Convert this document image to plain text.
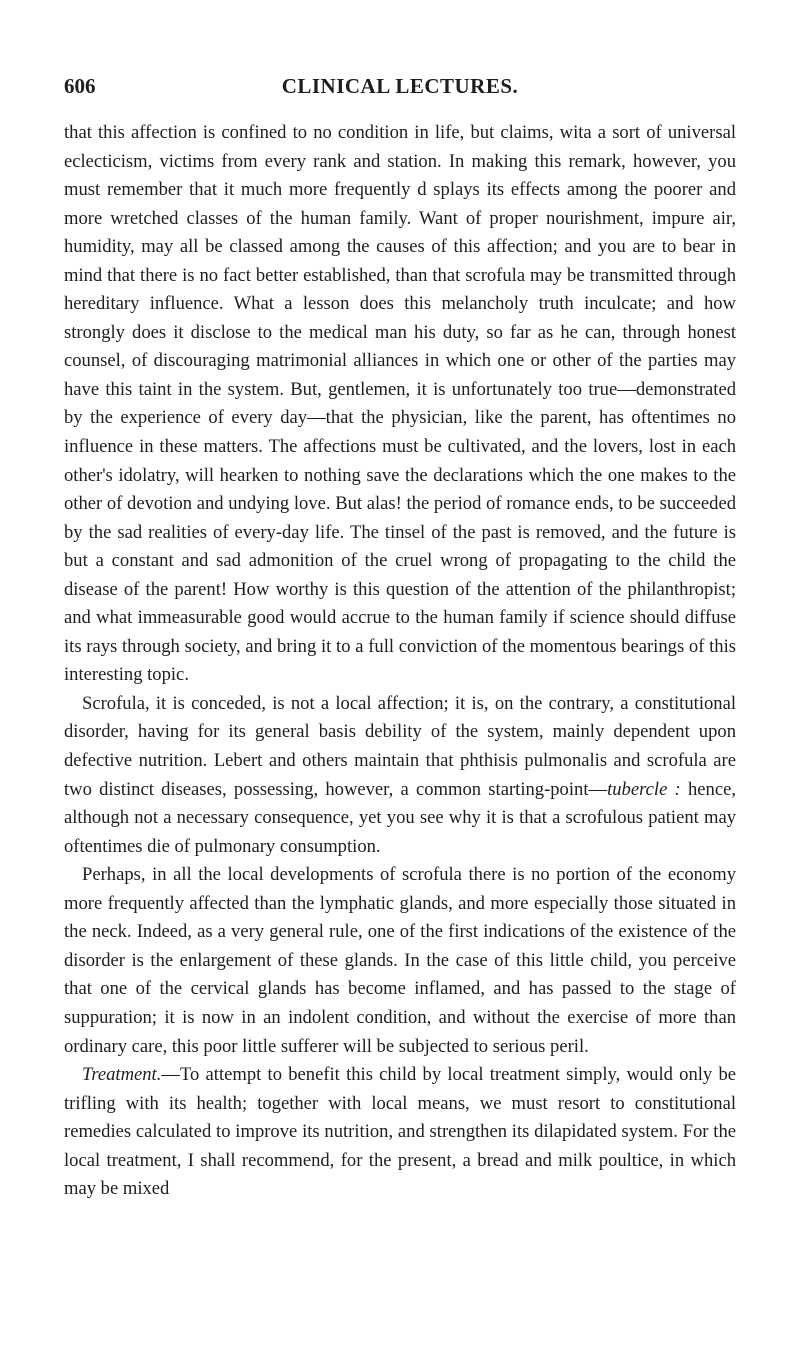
606	CLINICAL LECTURES.

that this affection is confined to no condition in life, but claims, wita a sort of universal eclecticism, victims from every rank and station. In making this remark, however, you must remember that it much more frequently d splays its effects among the poorer and more wretched classes of the human family. Want of proper nourishment, impure air, humidity, may all be classed among the causes of this affection; and you are to bear in mind that there is no fact better established, than that scrofula may be transmitted through hereditary influence. What a lesson does this melancholy truth inculcate; and how strongly does it disclose to the medical man his duty, so far as he can, through honest counsel, of discouraging matrimonial alliances in which one or other of the parties may have this taint in the system. But, gentlemen, it is unfortunately too true—demonstrated by the experience of every day—that the physician, like the parent, has oftentimes no influence in these matters. The affections must be cultivated, and the lovers, lost in each other's idolatry, will hearken to nothing save the declarations which the one makes to the other of devotion and undying love. But alas! the period of romance ends, to be succeeded by the sad realities of every-day life. The tinsel of the past is removed, and the future is but a constant and sad admonition of the cruel wrong of propagating to the child the disease of the parent! How worthy is this question of the attention of the philanthropist; and what immeasurable good would accrue to the human family if science should diffuse its rays through society, and bring it to a full conviction of the momentous bearings of this interesting topic.

Scrofula, it is conceded, is not a local affection; it is, on the contrary, a constitutional disorder, having for its general basis debility of the system, mainly dependent upon defective nutrition. Lebert and others maintain that phthisis pulmonalis and scrofula are two distinct diseases, possessing, however, a common starting-point—tubercle : hence, although not a necessary consequence, yet you see why it is that a scrofulous patient may oftentimes die of pulmonary consumption.

Perhaps, in all the local developments of scrofula there is no portion of the economy more frequently affected than the lymphatic glands, and more especially those situated in the neck. Indeed, as a very general rule, one of the first indications of the existence of the disorder is the enlargement of these glands. In the case of this little child, you perceive that one of the cervical glands has become inflamed, and has passed to the stage of suppuration; it is now in an indolent condition, and without the exercise of more than ordinary care, this poor little sufferer will be subjected to serious peril.

Treatment.—To attempt to benefit this child by local treatment simply, would only be trifling with its health; together with local means, we must resort to constitutional remedies calculated to improve its nutrition, and strengthen its dilapidated system. For the local treatment, I shall recommend, for the present, a bread and milk poultice, in which may be mixed
